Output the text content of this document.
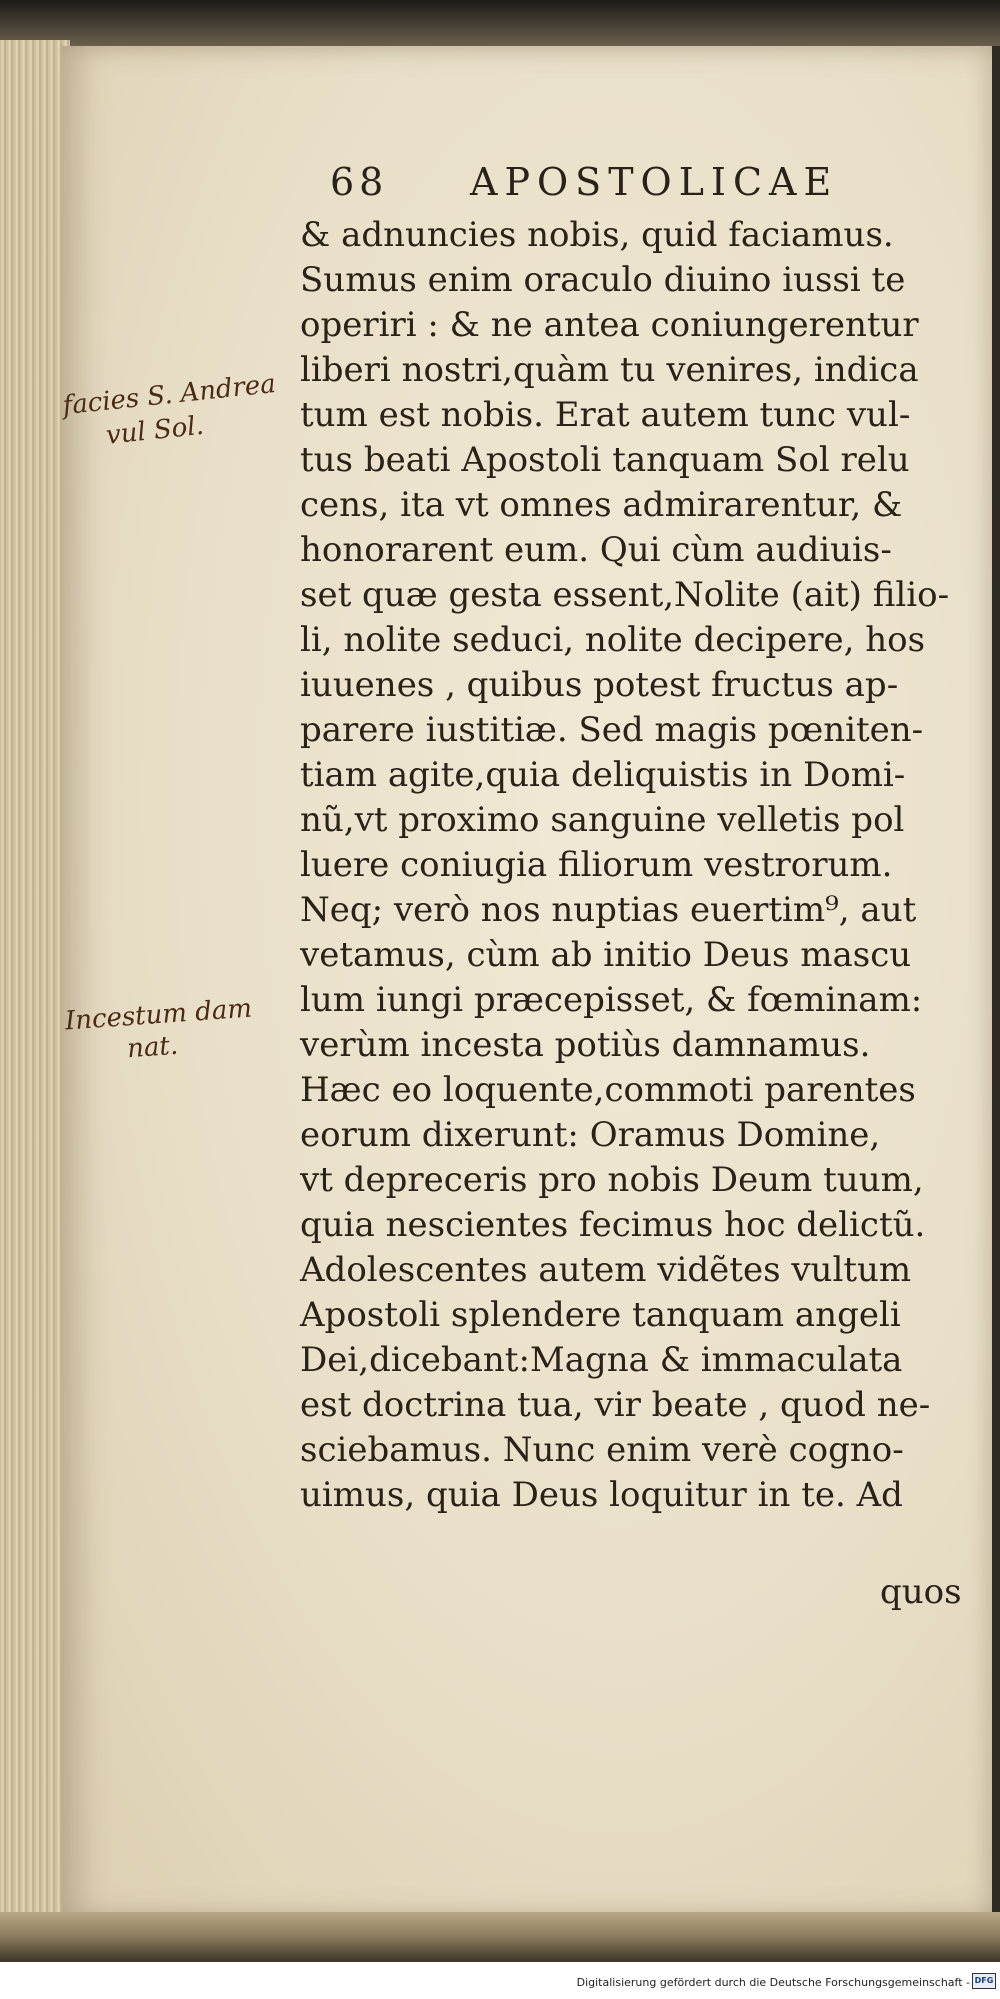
68 APOSTOLICAE
facies S. Andrea
vul Sol.
Incestum dam
nat.
& adnuncies nobis, quid faciamus.
Sumus enim oraculo diuino iussi te
operiri : & ne antea coniungerentur
liberi nostri,quàm tu venires, indica
tum est nobis. Erat autem tunc vul-
tus beati Apostoli tanquam Sol relu
cens, ita vt omnes admirarentur, &
honorarent eum. Qui cùm audiuis-
set quæ gesta essent,Nolite (ait) filio-
li, nolite seduci, nolite decipere, hos
iuuenes , quibus potest fructus ap-
parere iustitiæ. Sed magis pœniten-
tiam agite,quia deliquistis in Domi-
nũ,vt proximo sanguine velletis pol
luere coniugia filiorum vestrorum.
Neq; verò nos nuptias euertim⁹, aut
vetamus, cùm ab initio Deus mascu
lum iungi præcepisset, & fœminam:
verùm incesta potiùs damnamus.
Hæc eo loquente,commoti parentes
eorum dixerunt: Oramus Domine,
vt depreceris pro nobis Deum tuum,
quia nescientes fecimus hoc delictũ.
Adolescentes autem vidẽtes vultum
Apostoli splendere tanquam angeli
Dei,dicebant:Magna & immaculata
est doctrina tua, vir beate , quod ne-
sciebamus. Nunc enim verè cogno-
uimus, quia Deus loquitur in te. Ad
quos
Digitalisierung gefördert durch die Deutsche Forschungsgemeinschaft - DFG
